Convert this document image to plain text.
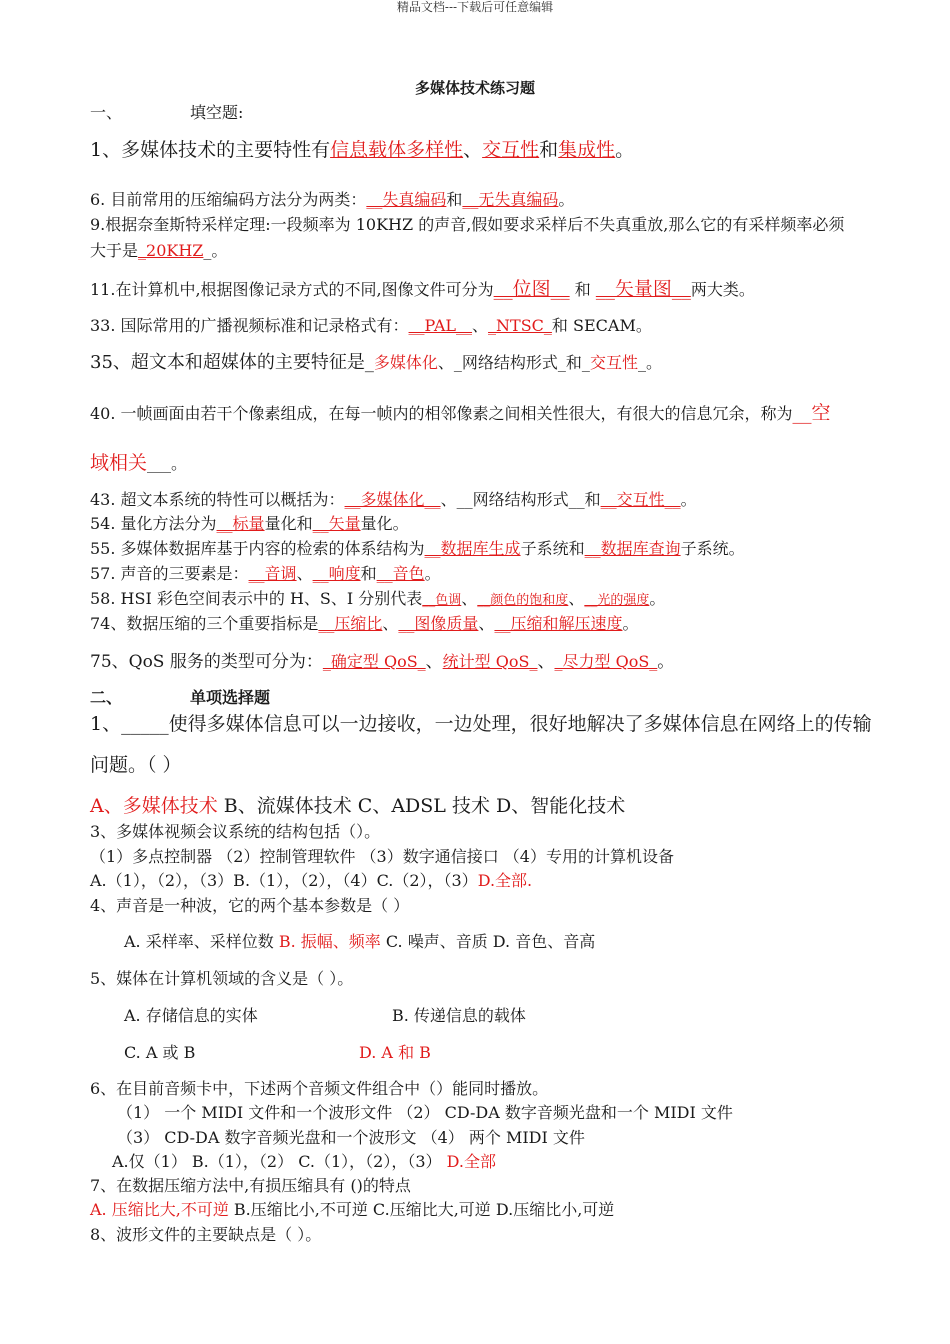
精品文档---下载后可任意编辑
多媒体技术练习题
一、	填空题:
1、多媒体技术的主要特性有信息载体多样性、交互性和集成性。
6. 目前常用的压缩编码方法分为两类：__失真编码和__无失真编码。
9.根据奈奎斯特采样定理:一段频率为 10KHZ 的声音,假如要求采样后不失真重放,那么它的有采样频率必须
大于是_20KHZ_。
11.在计算机中,根据图像记录方式的不同,图像文件可分为__位图__ 和 __矢量图__两大类。
33. 国际常用的广播视频标准和记录格式有：__PAL__、_NTSC_和 SECAM。
35、超文本和超媒体的主要特征是_多媒体化、_网络结构形式_和_交互性_。
40. 一帧画面由若干个像素组成，在每一帧内的相邻像素之间相关性很大，有很大的信息冗余，称为__空
域相关___。
43. 超文本系统的特性可以概括为：__多媒体化__、__网络结构形式__和__交互性__。
54. 量化方法分为__标量量化和__矢量量化。
55. 多媒体数据库基于内容的检索的体系结构为__数据库生成子系统和__数据库查询子系统。
57. 声音的三要素是：__音调、__响度和__音色。
58. HSI 彩色空间表示中的 H、S、I 分别代表__色调、__颜色的饱和度、__光的强度。
74、数据压缩的三个重要指标是__压缩比、__图像质量、__压缩和解压速度。
75、QoS 服务的类型可分为：_确定型 QoS_、统计型 QoS_、_尽力型 QoS_。
二、	单项选择题
1、_____使得多媒体信息可以一边接收，一边处理，很好地解决了多媒体信息在网络上的传输
问题。（ ）
A、多媒体技术 B、流媒体技术 C、ADSL 技术 D、智能化技术
3、多媒体视频会议系统的结构包括（）。
（1）多点控制器 （2）控制管理软件 （3）数字通信接口 （4）专用的计算机设备
A.（1），（2），（3）B.（1），（2），（4）C.（2），（3）D.全部.
4、声音是一种波，它的两个基本参数是（ ）
A. 采样率、采样位数 B. 振幅、频率 C. 噪声、音质 D. 音色、音高
5、媒体在计算机领域的含义是（ ）。
A. 存储信息的实体	B. 传递信息的载体
C. A 或 B	D. A 和 B
6、在目前音频卡中，下述两个音频文件组合中（）能同时播放。
（1） 一个 MIDI 文件和一个波形文件 （2） CD-DA 数字音频光盘和一个 MIDI 文件
（3） CD-DA 数字音频光盘和一个波形文 （4） 两个 MIDI 文件
A.仅（1） B.（1），（2） C.（1），（2），（3） D.全部
7、在数据压缩方法中,有损压缩具有 ()的特点
A. 压缩比大,不可逆 B.压缩比小,不可逆 C.压缩比大,可逆 D.压缩比小,可逆
8、波形文件的主要缺点是（ ）。
